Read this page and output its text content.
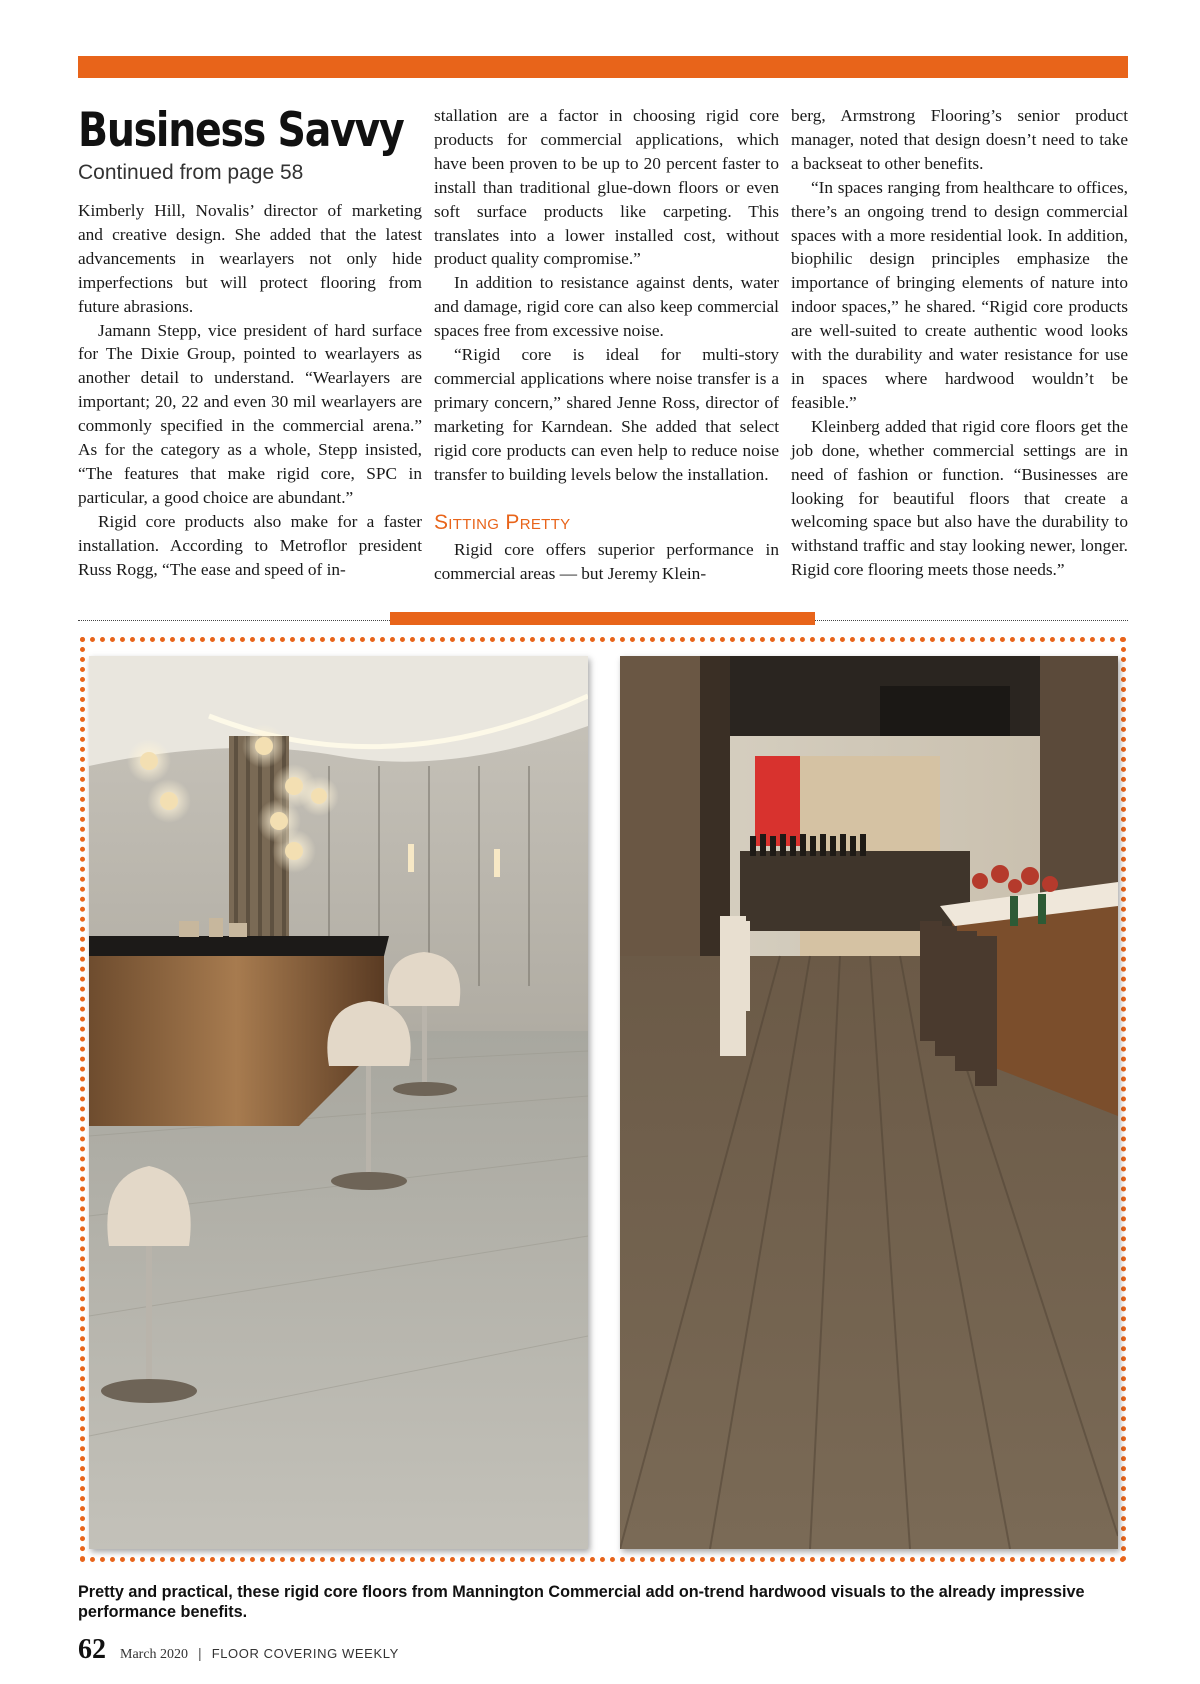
Business Savvy
Continued from page 58

Kimberly Hill, Novalis’ director of marketing and creative design. She added that the latest advancements in wearlayers not only hide imperfections but will protect flooring from future abrasions.

Jamann Stepp, vice president of hard surface for The Dixie Group, pointed to wearlayers as another detail to understand. “Wearlayers are important; 20, 22 and even 30 mil wearlayers are commonly specified in the commercial arena.” As for the category as a whole, Stepp insisted, “The features that make rigid core, SPC in particular, a good choice are abundant.”

Rigid core products also make for a faster installation. According to Metroflor president Russ Rogg, “The ease and speed of in-

stallation are a factor in choosing rigid core products for commercial applications, which have been proven to be up to 20 percent faster to install than traditional glue-down floors or even soft surface products like carpeting. This translates into a lower installed cost, without product quality compromise.”

In addition to resistance against dents, water and damage, rigid core can also keep commercial spaces free from excessive noise.

“Rigid core is ideal for multi-story commercial applications where noise transfer is a primary concern,” shared Jenne Ross, director of marketing for Karndean. She added that select rigid core products can even help to reduce noise transfer to building levels below the installation.

Sitting Pretty

Rigid core offers superior performance in commercial areas — but Jeremy Klein-

berg, Armstrong Flooring’s senior product manager, noted that design doesn’t need to take a backseat to other benefits.

“In spaces ranging from healthcare to offices, there’s an ongoing trend to design commercial spaces with a more residential look. In addition, biophilic design principles emphasize the importance of bringing elements of nature into indoor spaces,” he shared. “Rigid core products are well-suited to create authentic wood looks with the durability and water resistance for use in spaces where hardwood wouldn’t be feasible.”

Kleinberg added that rigid core floors get the job done, whether commercial settings are in need of fashion or function. “Businesses are looking for beautiful floors that create a welcoming space but also have the durability to withstand traffic and stay looking newer, longer. Rigid core flooring meets those needs.”

Pretty and practical, these rigid core floors from Mannington Commercial add on-trend hardwood visuals to the already impressive performance benefits.
62 March 2020 | FLOOR COVERING WEEKLY
